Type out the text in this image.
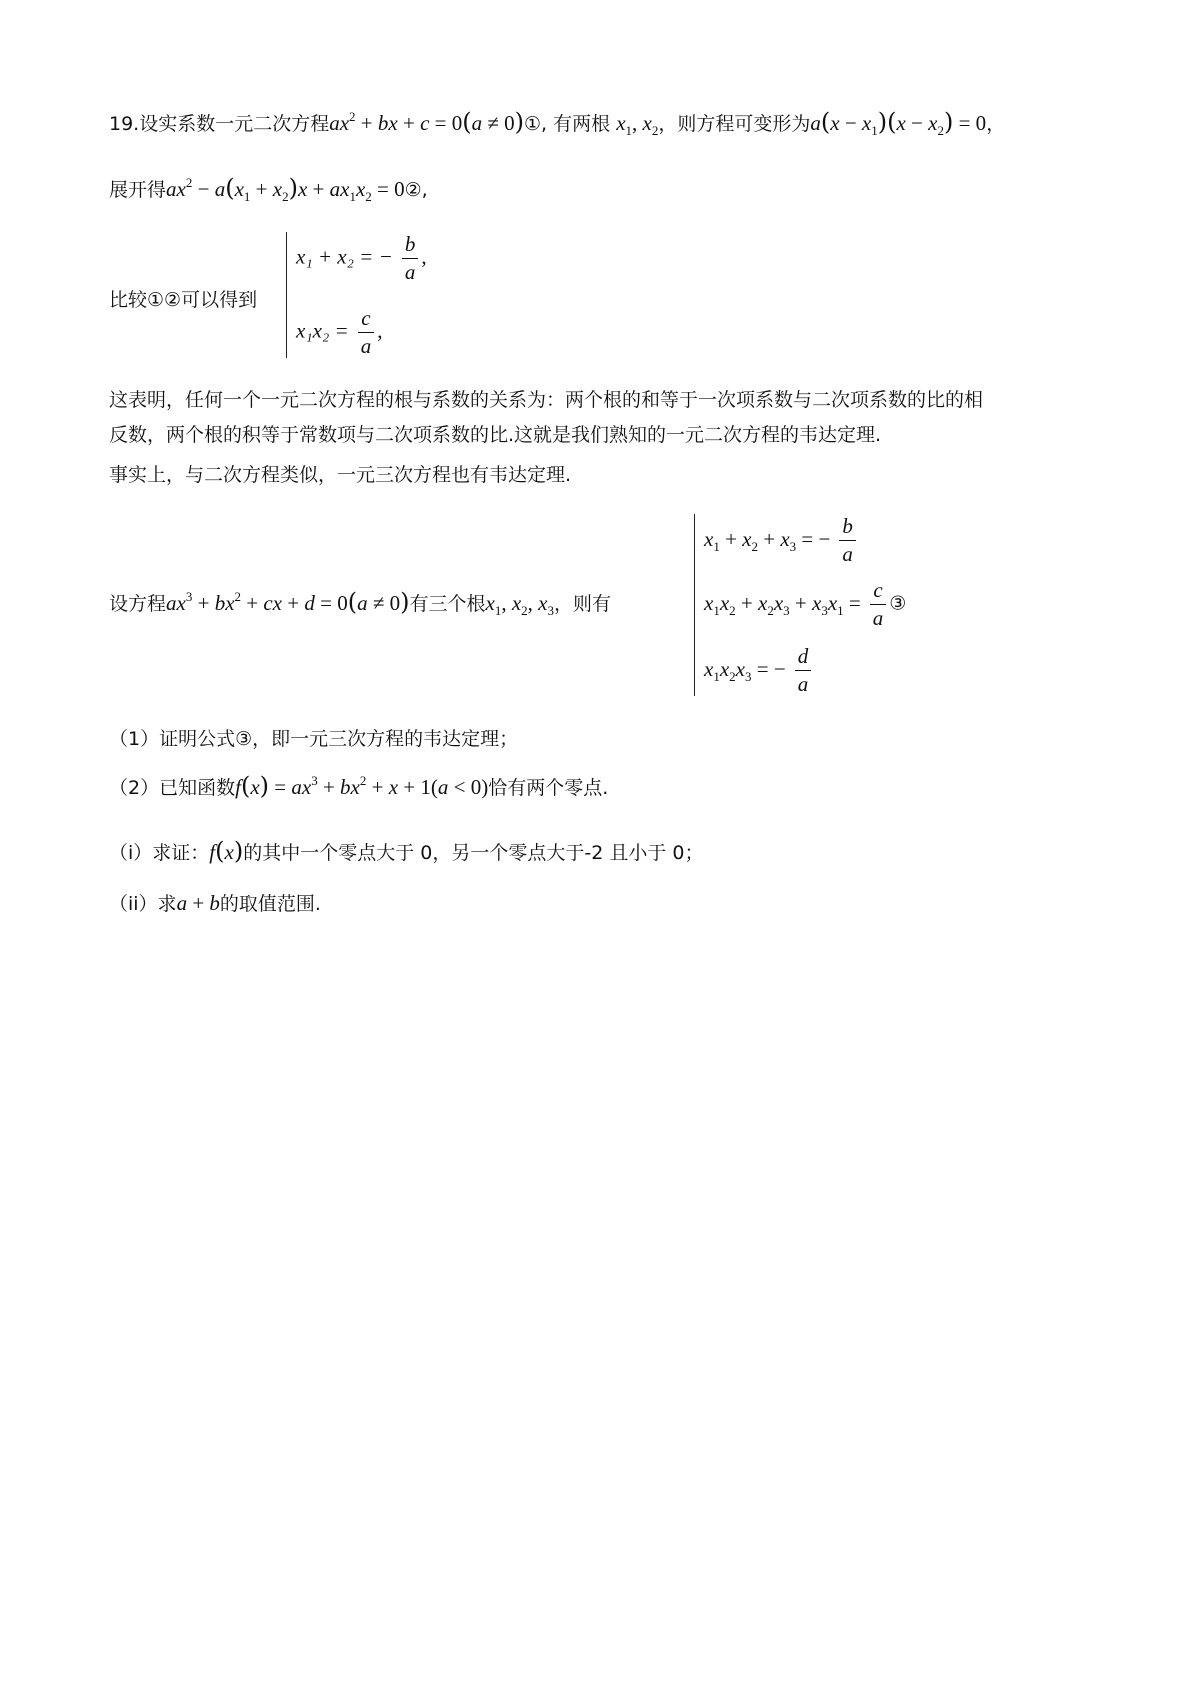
19.设实系数一元二次方程$ax^2$ + bx + c = 0(a ≠ 0)①, 有两根 $x_1$, $x_2$，则方程可变形为$a(x - x_1)(x - x_2) = 0$，
展开得$ax^2 - a(x_1 + x_2)x + ax_1x_2$ = 0②,
比较①②可以得到
x₁ + x₂ = − $\frac{b}{a}$ ,
$x_1x_2 = \frac{c}{a}$ ,
这表明，任何一个一元二次方程的根与系数的关系为：两个根的和等于一次项系数与二次项系数的比的相
反数，两个根的积等于常数项与二次项系数的比.这就是我们熟知的一元二次方程的韦达定理.
事实上，与二次方程类似，一元三次方程也有韦达定理.
设方程$ax^3 + bx^2$ + cx + d = 0(a ≠ 0)有三个根$x_1$, $x_2$, $x_3$，则有
$x_1 + x_2 + x_3$ = − $\frac{b}{a}$
$x_1x_2 + x_2x_3 + x_3x_1 = \frac{c}{a}$ ③
$x_1x_2x_3$ = − $\frac{d}{a}$
（1）证明公式③，即一元三次方程的韦达定理；
（2）已知函数$f(x) = ax^3 + bx^2 + x + 1(a < 0)$恰有两个零点.
（i）求证：f(x)的其中一个零点大于 0，另一个零点大于-2 且小于 0；
（ii）求a + b的取值范围.
